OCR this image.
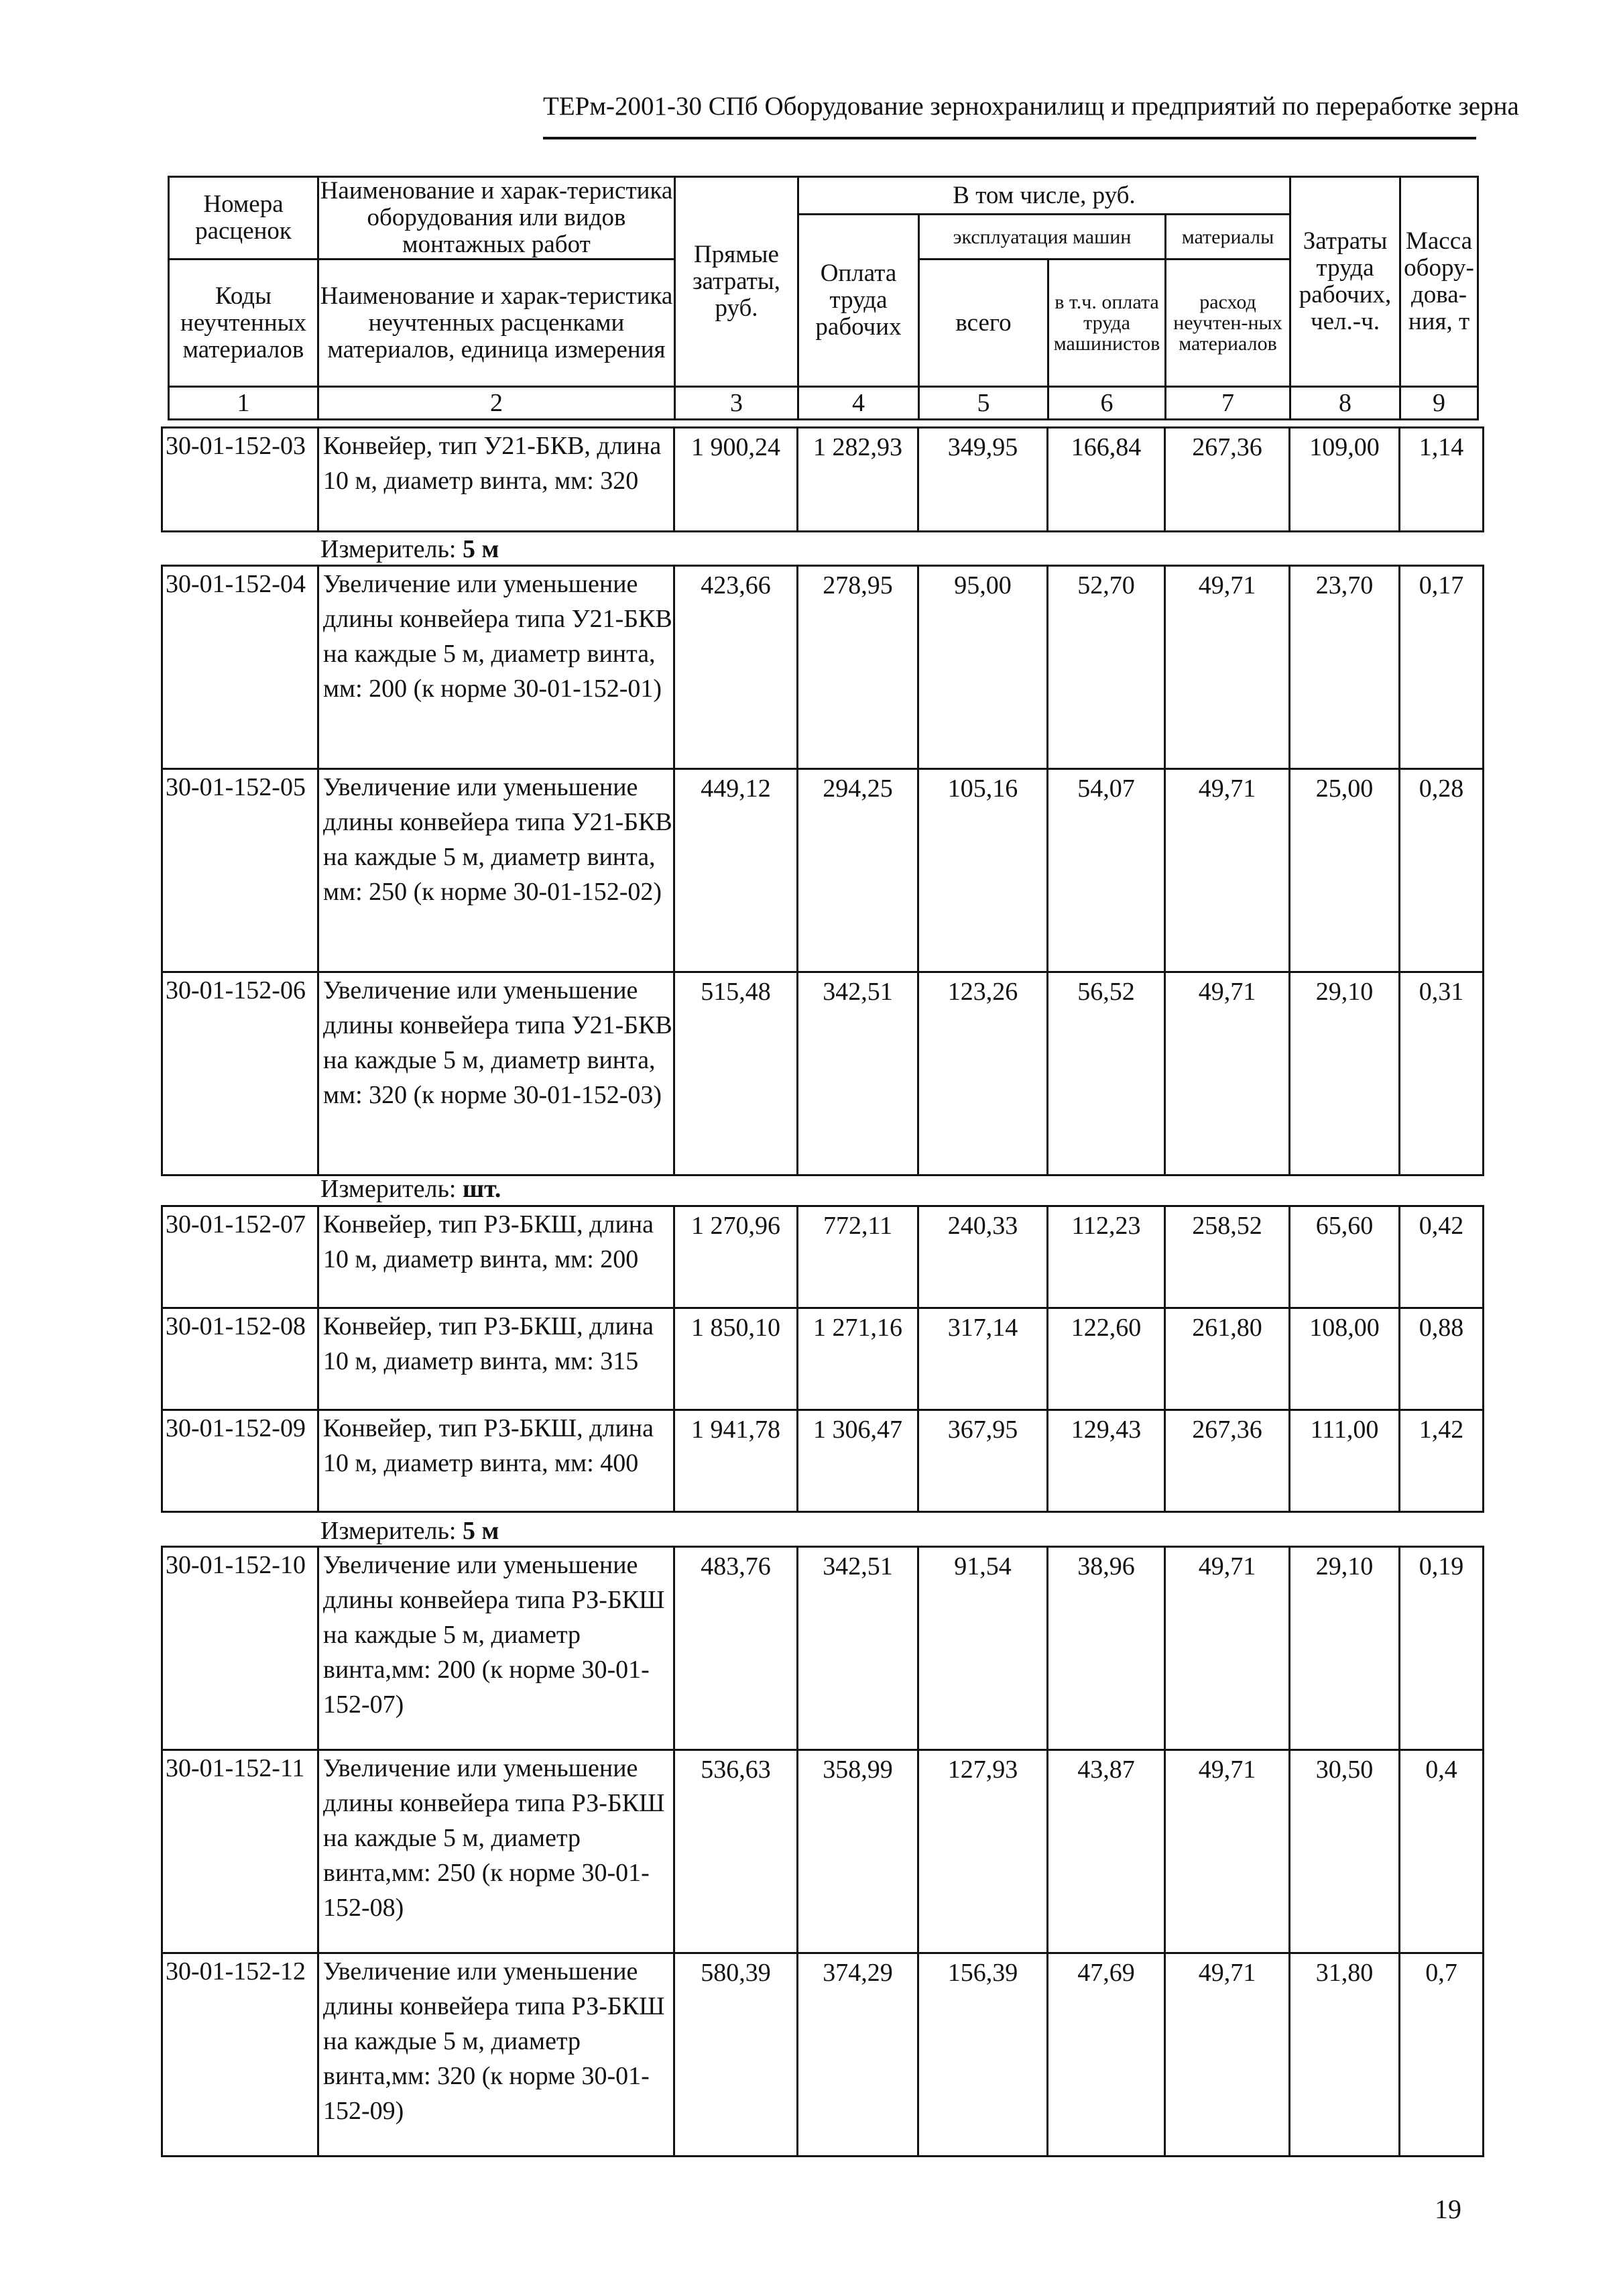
ТЕРм-2001-30 СПб Оборудование зернохранилищ и предприятий по переработке зерна
Номера расценок	Наименование и харак-теристика оборудования или видов монтажных работ	Прямые затраты, руб.	В том числе, руб.				Затраты труда рабочих, чел.-ч.	Масса обору-дова-ния, т
			Оплата труда рабочих	эксплуатация машин		материалы		
Коды неучтенных материалов	Наименование и харак-теристика неучтенных расценками материалов, единица измерения			всего	в т.ч. оплата труда машинистов	расход неучтен-ных материалов		

1	2	3	4	5	6	7	8	9
30-01-152-03	Конвейер, тип У21-БКВ, длина 10 м, диаметр винта, мм: 320	1 900,24	1 282,93	349,95	166,84	267,36	109,00	1,14
Измеритель: 5 м
30-01-152-04	Увеличение или уменьшение длины конвейера типа У21-БКВ на каждые 5 м, диаметр винта, мм: 200 (к норме 30-01-152-01)	423,66	278,95	95,00	52,70	49,71	23,70	0,17
30-01-152-05	Увеличение или уменьшение длины конвейера типа У21-БКВ на каждые 5 м, диаметр винта, мм: 250 (к норме 30-01-152-02)	449,12	294,25	105,16	54,07	49,71	25,00	0,28
30-01-152-06	Увеличение или уменьшение длины конвейера типа У21-БКВ на каждые 5 м, диаметр винта, мм: 320 (к норме 30-01-152-03)	515,48	342,51	123,26	56,52	49,71	29,10	0,31
Измеритель: шт.
30-01-152-07	Конвейер, тип РЗ-БКШ, длина 10 м, диаметр винта, мм: 200	1 270,96	772,11	240,33	112,23	258,52	65,60	0,42
30-01-152-08	Конвейер, тип РЗ-БКШ, длина 10 м, диаметр винта, мм: 315	1 850,10	1 271,16	317,14	122,60	261,80	108,00	0,88
30-01-152-09	Конвейер, тип РЗ-БКШ, длина 10 м, диаметр винта, мм: 400	1 941,78	1 306,47	367,95	129,43	267,36	111,00	1,42
Измеритель: 5 м
30-01-152-10	Увеличение или уменьшение длины конвейера типа РЗ-БКШ на каждые 5 м, диаметр винта,мм: 200 (к норме 30-01-152-07)	483,76	342,51	91,54	38,96	49,71	29,10	0,19
30-01-152-11	Увеличение или уменьшение длины конвейера типа РЗ-БКШ на каждые 5 м, диаметр винта,мм: 250 (к норме 30-01-152-08)	536,63	358,99	127,93	43,87	49,71	30,50	0,4
30-01-152-12	Увеличение или уменьшение длины конвейера типа РЗ-БКШ на каждые 5 м, диаметр винта,мм: 320 (к норме 30-01-152-09)	580,39	374,29	156,39	47,69	49,71	31,80	0,7
19
